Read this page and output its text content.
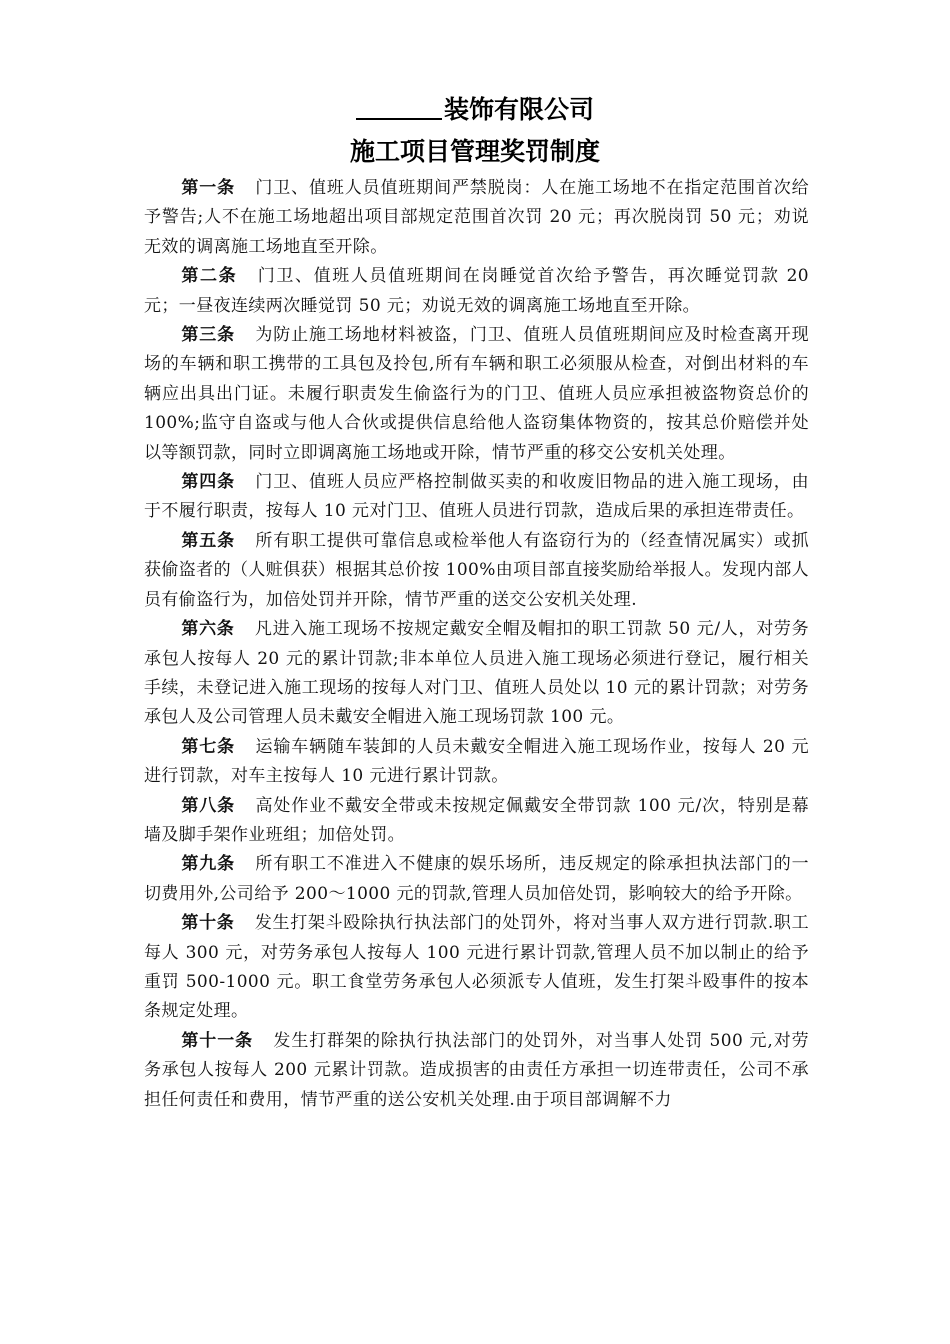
装饰有限公司
施工项目管理奖罚制度

第一条 门卫、值班人员值班期间严禁脱岗：人在施工场地不在指定范围首次给予警告;人不在施工场地超出项目部规定范围首次罚 20 元；再次脱岗罚 50 元；劝说无效的调离施工场地直至开除。

第二条 门卫、值班人员值班期间在岗睡觉首次给予警告，再次睡觉罚款 20 元；一昼夜连续两次睡觉罚 50 元；劝说无效的调离施工场地直至开除。

第三条 为防止施工场地材料被盗，门卫、值班人员值班期间应及时检查离开现场的车辆和职工携带的工具包及拎包,所有车辆和职工必须服从检查，对倒出材料的车辆应出具出门证。未履行职责发生偷盗行为的门卫、值班人员应承担被盗物资总价的 100%;监守自盗或与他人合伙或提供信息给他人盗窃集体物资的，按其总价赔偿并处以等额罚款，同时立即调离施工场地或开除，情节严重的移交公安机关处理。

第四条 门卫、值班人员应严格控制做买卖的和收废旧物品的进入施工现场，由于不履行职责，按每人 10 元对门卫、值班人员进行罚款，造成后果的承担连带责任。

第五条 所有职工提供可靠信息或检举他人有盗窃行为的（经查情况属实）或抓获偷盗者的（人赃俱获）根据其总价按 100%由项目部直接奖励给举报人。发现内部人员有偷盗行为，加倍处罚并开除，情节严重的送交公安机关处理.

第六条 凡进入施工现场不按规定戴安全帽及帽扣的职工罚款 50 元/人，对劳务承包人按每人 20 元的累计罚款;非本单位人员进入施工现场必须进行登记，履行相关手续，未登记进入施工现场的按每人对门卫、值班人员处以 10 元的累计罚款；对劳务承包人及公司管理人员未戴安全帽进入施工现场罚款 100 元。

第七条 运输车辆随车装卸的人员未戴安全帽进入施工现场作业，按每人 20 元进行罚款，对车主按每人 10 元进行累计罚款。

第八条 高处作业不戴安全带或未按规定佩戴安全带罚款 100 元/次，特别是幕墙及脚手架作业班组；加倍处罚。

第九条 所有职工不准进入不健康的娱乐场所，违反规定的除承担执法部门的一切费用外,公司给予 200～1000 元的罚款,管理人员加倍处罚，影响较大的给予开除。

第十条 发生打架斗殴除执行执法部门的处罚外，将对当事人双方进行罚款.职工每人 300 元，对劳务承包人按每人 100 元进行累计罚款,管理人员不加以制止的给予重罚 500-1000 元。职工食堂劳务承包人必须派专人值班，发生打架斗殴事件的按本条规定处理。

第十一条 发生打群架的除执行执法部门的处罚外，对当事人处罚 500 元,对劳务承包人按每人 200 元累计罚款。造成损害的由责任方承担一切连带责任，公司不承担任何责任和费用，情节严重的送公安机关处理.由于项目部调解不力
